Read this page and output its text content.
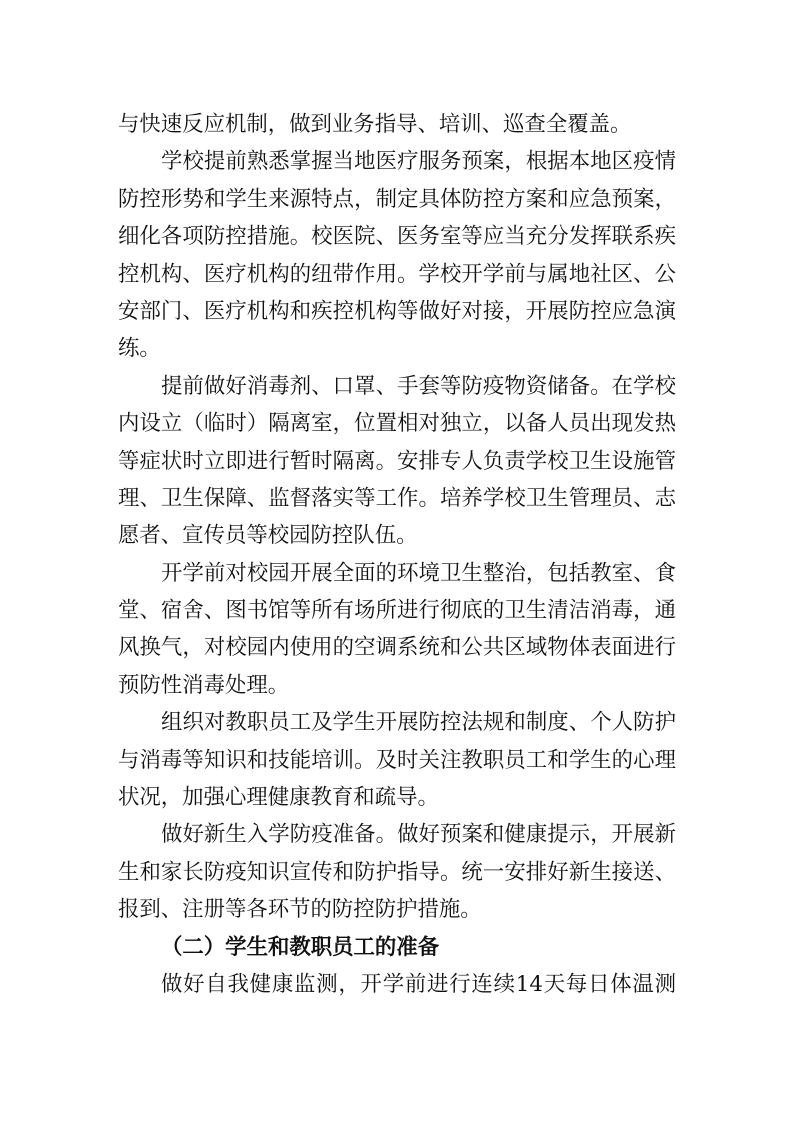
与快速反应机制，做到业务指导、培训、巡查全覆盖。
学校提前熟悉掌握当地医疗服务预案，根据本地区疫情
防控形势和学生来源特点，制定具体防控方案和应急预案，
细化各项防控措施。校医院、医务室等应当充分发挥联系疾
控机构、医疗机构的纽带作用。学校开学前与属地社区、公
安部门、医疗机构和疾控机构等做好对接，开展防控应急演
练。
提前做好消毒剂、口罩、手套等防疫物资储备。在学校
内设立（临时）隔离室，位置相对独立，以备人员出现发热
等症状时立即进行暂时隔离。安排专人负责学校卫生设施管
理、卫生保障、监督落实等工作。培养学校卫生管理员、志
愿者、宣传员等校园防控队伍。
开学前对校园开展全面的环境卫生整治，包括教室、食
堂、宿舍、图书馆等所有场所进行彻底的卫生清洁消毒，通
风换气，对校园内使用的空调系统和公共区域物体表面进行
预防性消毒处理。
组织对教职员工及学生开展防控法规和制度、个人防护
与消毒等知识和技能培训。及时关注教职员工和学生的心理
状况，加强心理健康教育和疏导。
做好新生入学防疫准备。做好预案和健康提示，开展新
生和家长防疫知识宣传和防护指导。统一安排好新生接送、
报到、注册等各环节的防控防护措施。
（二）学生和教职员工的准备
做好自我健康监测，开学前进行连续14天每日体温测
